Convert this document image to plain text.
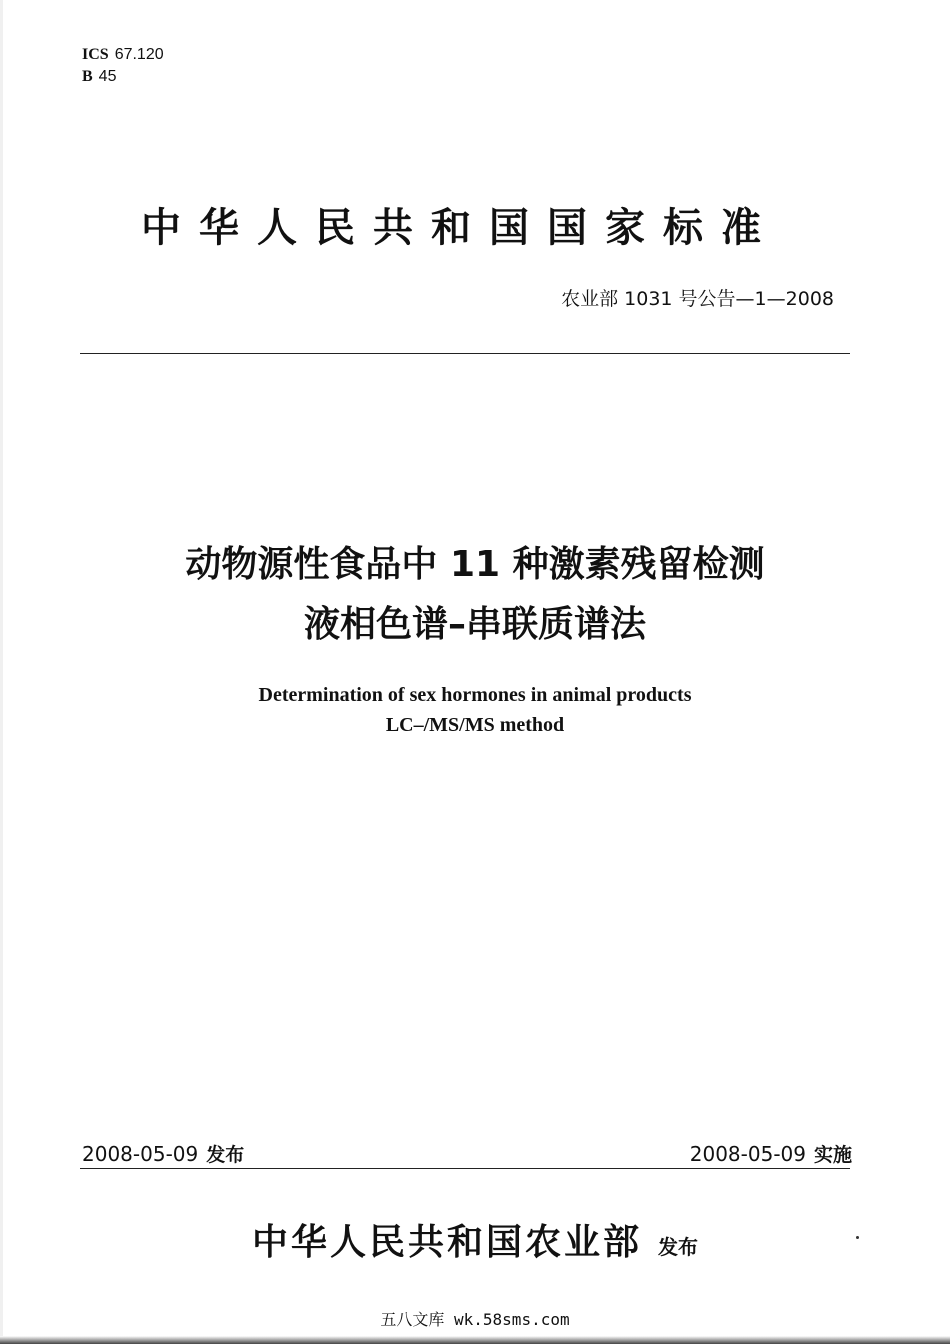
ICS 67.120
B 45
中华人民共和国国家标准
农业部 1031 号公告—1—2008
动物源性食品中 11 种激素残留检测
液相色谱–串联质谱法
Determination of sex hormones in animal products
LC–/MS/MS method
2008-05-09 发布	2008-05-09 实施
中华人民共和国农业部 发布
五八文库 wk.58sms.com
